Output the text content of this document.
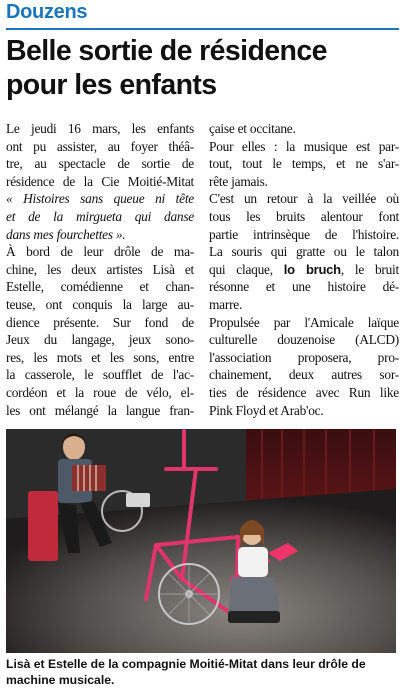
Douzens
Belle sortie de résidence
pour les enfants
Le jeudi 16 mars, les enfants
ont pu assister, au foyer théâ-
tre, au spectacle de sortie de
résidence de la Cie Moitié-Mitat
« Histoires sans queue ni tête
et de la mirgueta qui danse
dans mes fourchettes ».
À bord de leur drôle de ma-
chine, les deux artistes Lisà et
Estelle, comédienne et chan-
teuse, ont conquis la large au-
dience présente. Sur fond de
Jeux du langage, jeux sono-
res, les mots et les sons, entre
la casserole, le soufflet de l'ac-
cordéon et la roue de vélo, el-
les ont mélangé la langue fran-
çaise et occitane.
Pour elles : la musique est par-
tout, tout le temps, et ne s'ar-
rête jamais.
C'est un retour à la veillée où
tous les bruits alentour font
partie intrinsèque de l'histoire.
La souris qui gratte ou le talon
qui claque, lo bruch, le bruit
résonne et une histoire dé-
marre.
Propulsée par l'Amicale laïque
culturelle douzenoise (ALCD)
l'association proposera, pro-
chainement, deux autres sor-
ties de résidence avec Run like
Pink Floyd et Arab'oc.

Lisà et Estelle de la compagnie Moitié-Mitat dans leur drôle de
machine musicale.
